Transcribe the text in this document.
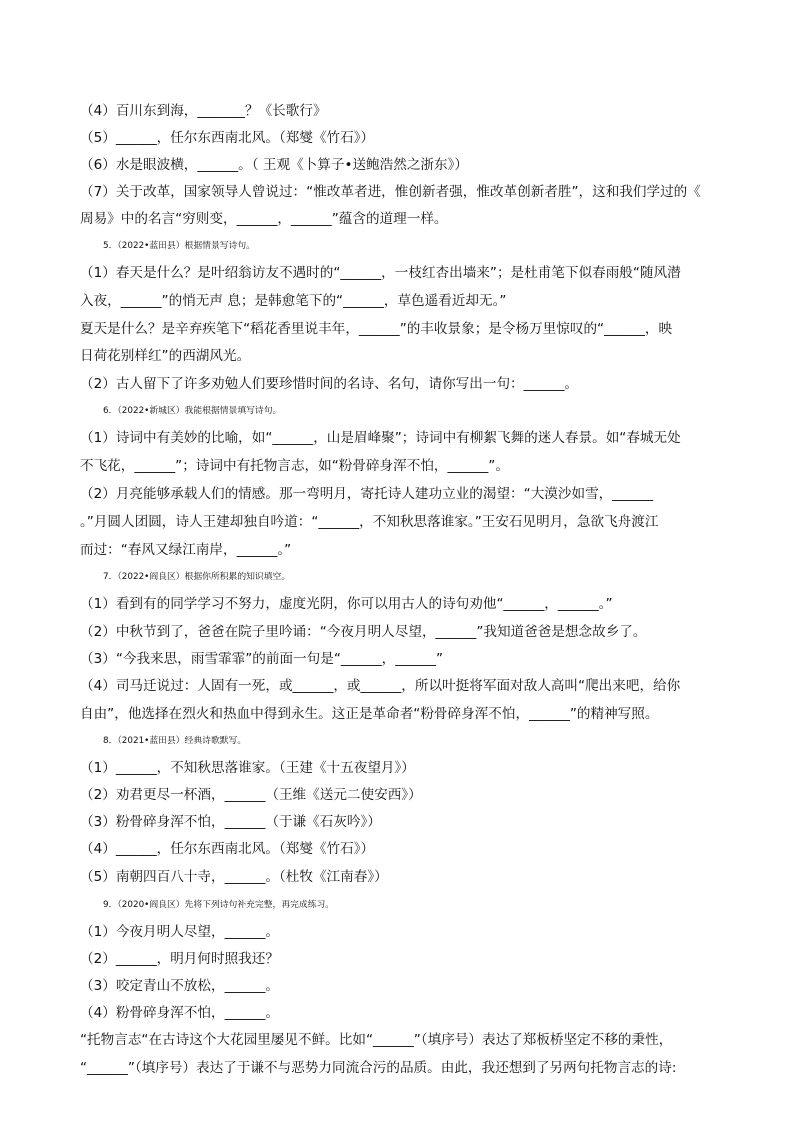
（4）百川东到海，_______？《长歌行》
（5）______，任尔东西南北风。（郑燮《竹石》）
（6）水是眼波横，______。（ 王观《卜算子•送鲍浩然之浙东》）
（7）关于改革，国家领导人曾说过：“惟改革者进，惟创新者强，惟改革创新者胜”，这和我们学过的《
周易》中的名言“穷则变，______，______”蕴含的道理一样。
5．（2022•蓝田县）根据情景写诗句。
（1）春天是什么？是叶绍翁访友不遇时的“______，一枝红杏出墙来”；是杜甫笔下似春雨般“随风潜
入夜，______”的悄无声 息；是韩愈笔下的“______，草色遥看近却无。”
夏天是什么？是辛弃疾笔下“稻花香里说丰年，______”的丰收景象；是令杨万里惊叹的“______，映
日荷花别样红”的西湖风光。
（2）古人留下了许多劝勉人们要珍惜时间的名诗、名句，请你写出一句：______。
6．（2022•新城区）我能根据情景填写诗句。
（1）诗词中有美妙的比喻，如“______，山是眉峰聚”；诗词中有柳絮飞舞的迷人春景。如“春城无处
不飞花，______”；诗词中有托物言志，如“粉骨碎身浑不怕，______”。
（2）月亮能够承载人们的情感。那一弯明月，寄托诗人建功立业的渴望：“大漠沙如雪，______
。”月圆人团圆，诗人王建却独自吟道：“______，不知秋思落谁家。”王安石见明月，急欲飞舟渡江
而过：“春风又绿江南岸，______。”
7．（2022•阎良区）根据你所积累的知识填空。
（1）看到有的同学学习不努力，虚度光阴，你可以用古人的诗句劝他“______，______。”
（2）中秋节到了，爸爸在院子里吟诵：“今夜月明人尽望，______”我知道爸爸是想念故乡了。
（3）“今我来思，雨雪霏霏”的前面一句是“______，______”
（4）司马迁说过：人固有一死，或______，或______，所以叶挺将军面对敌人高叫“爬出来吧，给你
自由”，他选择在烈火和热血中得到永生。这正是革命者“粉骨碎身浑不怕，______”的精神写照。
8．（2021•蓝田县）经典诗歌默写。
（1）______，不知秋思落谁家。（王建《十五夜望月》）
（2）劝君更尽一杯酒，______（王维《送元二使安西》）
（3）粉骨碎身浑不怕，______（于谦《石灰吟》）
（4）______，任尔东西南北风。（郑燮《竹石》）
（5）南朝四百八十寺，______。（杜牧《江南春》）
9．（2020•阎良区）先将下列诗句补充完整，再完成练习。
（1）今夜月明人尽望，______。
（2）______，明月何时照我还？
（3）咬定青山不放松，______。
（4）粉骨碎身浑不怕，______。
“托物言志“在古诗这个大花园里屡见不鲜。比如“______”（填序号）表达了郑板桥坚定不移的秉性，
“______”（填序号）表达了于谦不与恶势力同流合污的品质。由此，我还想到了另两句托物言志的诗:
